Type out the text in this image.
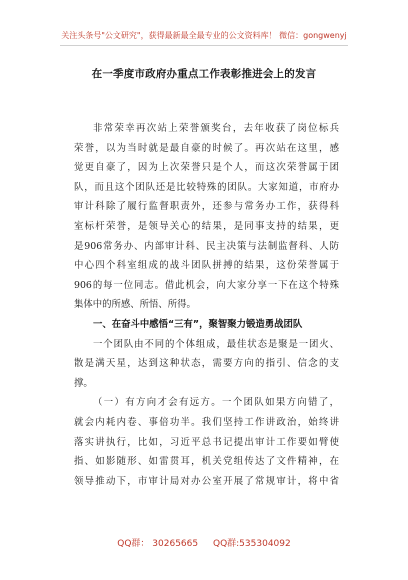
关注头条号"公文研究"，获得最新最全最专业的公文资料库！ 微信：gongwenyj
在一季度市政府办重点工作表彰推进会上的发言
非常荣幸再次站上荣誉颁奖台，去年收获了岗位标兵
荣誉，以为当时就是最自豪的时候了。再次站在这里，感
觉更自豪了，因为上次荣誉只是个人，而这次荣誉属于团
队，而且这个团队还是比较特殊的团队。大家知道，市府办
审计科除了履行监督职责外，还参与常务办工作，获得科
室标杆荣誉，是领导关心的结果，是同事支持的结果，更
是906常务办、内部审计科、民主决策与法制监督科、人防
中心四个科室组成的战斗团队拼搏的结果，这份荣誉属于
906的每一位同志。借此机会，向大家分享一下在这个特殊
集体中的所感、所悟、所得。
一、在奋斗中感悟“三有”，聚智聚力锻造勇战团队
一个团队由不同的个体组成，最佳状态是聚是一团火、
散是满天星，达到这种状态，需要方向的指引、信念的支
撑。
（一）有方向才会有远方。一个团队如果方向错了，
就会内耗内卷、事倍功半。我们坚持工作讲政治，始终讲
落实讲执行，比如，习近平总书记提出审计工作要如臂使
指、如影随形、如雷贯耳，机关党组传达了文件精神，在
领导推动下，市审计局对办公室开展了常规审计，将中省
QQ群： 30265665 QQ群:535304092
